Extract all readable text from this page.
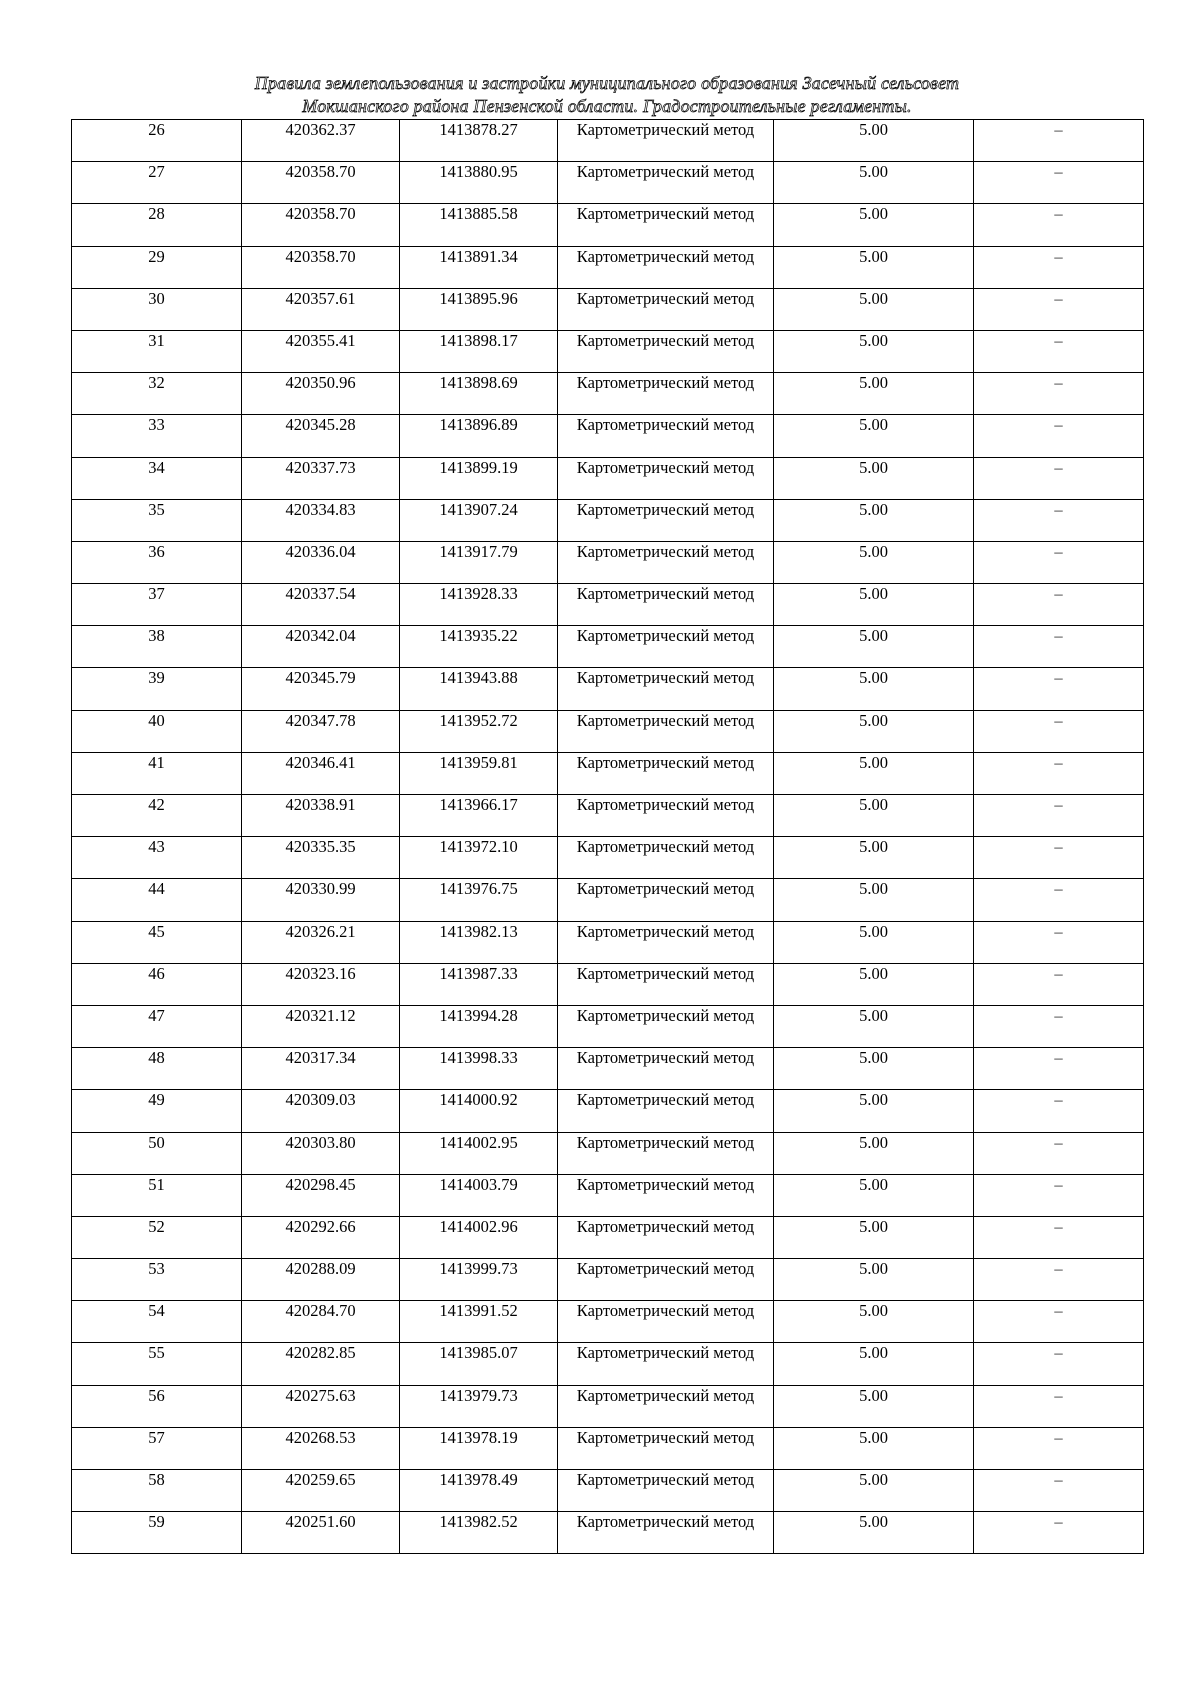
Правила землепользования и застройки муниципального образования Засечный сельсовет
Мокшанского района Пензенской области. Градостроительные регламенты.
26	420362.37	1413878.27	Картометрический метод	5.00	–
27	420358.70	1413880.95	Картометрический метод	5.00	–
28	420358.70	1413885.58	Картометрический метод	5.00	–
29	420358.70	1413891.34	Картометрический метод	5.00	–
30	420357.61	1413895.96	Картометрический метод	5.00	–
31	420355.41	1413898.17	Картометрический метод	5.00	–
32	420350.96	1413898.69	Картометрический метод	5.00	–
33	420345.28	1413896.89	Картометрический метод	5.00	–
34	420337.73	1413899.19	Картометрический метод	5.00	–
35	420334.83	1413907.24	Картометрический метод	5.00	–
36	420336.04	1413917.79	Картометрический метод	5.00	–
37	420337.54	1413928.33	Картометрический метод	5.00	–
38	420342.04	1413935.22	Картометрический метод	5.00	–
39	420345.79	1413943.88	Картометрический метод	5.00	–
40	420347.78	1413952.72	Картометрический метод	5.00	–
41	420346.41	1413959.81	Картометрический метод	5.00	–
42	420338.91	1413966.17	Картометрический метод	5.00	–
43	420335.35	1413972.10	Картометрический метод	5.00	–
44	420330.99	1413976.75	Картометрический метод	5.00	–
45	420326.21	1413982.13	Картометрический метод	5.00	–
46	420323.16	1413987.33	Картометрический метод	5.00	–
47	420321.12	1413994.28	Картометрический метод	5.00	–
48	420317.34	1413998.33	Картометрический метод	5.00	–
49	420309.03	1414000.92	Картометрический метод	5.00	–
50	420303.80	1414002.95	Картометрический метод	5.00	–
51	420298.45	1414003.79	Картометрический метод	5.00	–
52	420292.66	1414002.96	Картометрический метод	5.00	–
53	420288.09	1413999.73	Картометрический метод	5.00	–
54	420284.70	1413991.52	Картометрический метод	5.00	–
55	420282.85	1413985.07	Картометрический метод	5.00	–
56	420275.63	1413979.73	Картометрический метод	5.00	–
57	420268.53	1413978.19	Картометрический метод	5.00	–
58	420259.65	1413978.49	Картометрический метод	5.00	–
59	420251.60	1413982.52	Картометрический метод	5.00	–
